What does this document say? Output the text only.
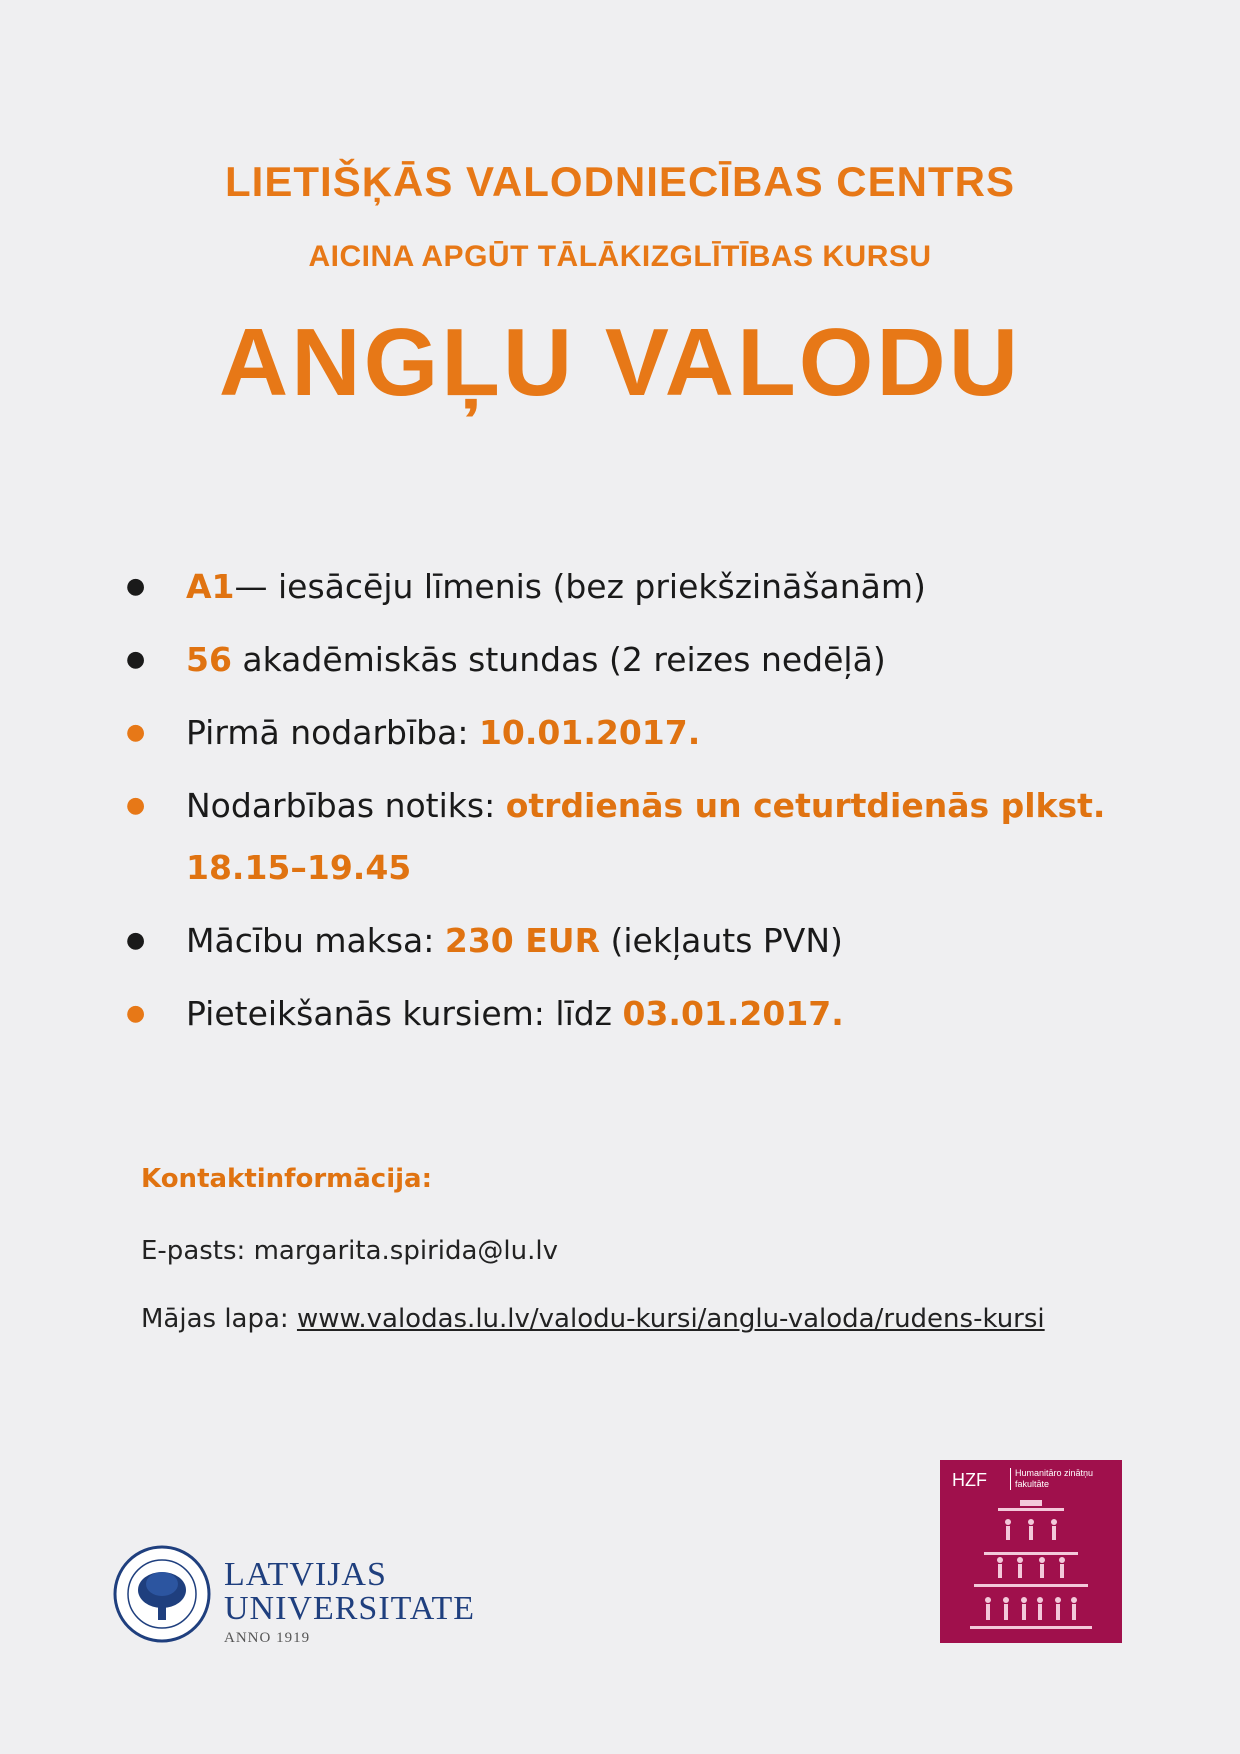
LIETIŠĶĀS VALODNIECĪBAS CENTRS
AICINA APGŪT TĀLĀKIZGLĪTĪBAS KURSU
ANGĻU VALODU
● A1— iesācēju līmenis (bez priekšzināšanām)
● 56 akadēmiskās stundas (2 reizes nedēļā)
● Pirmā nodarbība: 10.01.2017.
● Nodarbības notiks: otrdienās un ceturtdienās plkst. 18.15–19.45
● Mācību maksa: 230 EUR (iekļauts PVN)
● Pieteikšanās kursiem: līdz 03.01.2017.
Kontaktinformācija:
E-pasts: margarita.spirida@lu.lv
Mājas lapa: www.valodas.lu.lv/valodu-kursi/anglu-valoda/rudens-kursi
LATVIJAS
UNIVERSITATE
ANNO 1919
HZF	Humanitāro zinātņu fakultāte
